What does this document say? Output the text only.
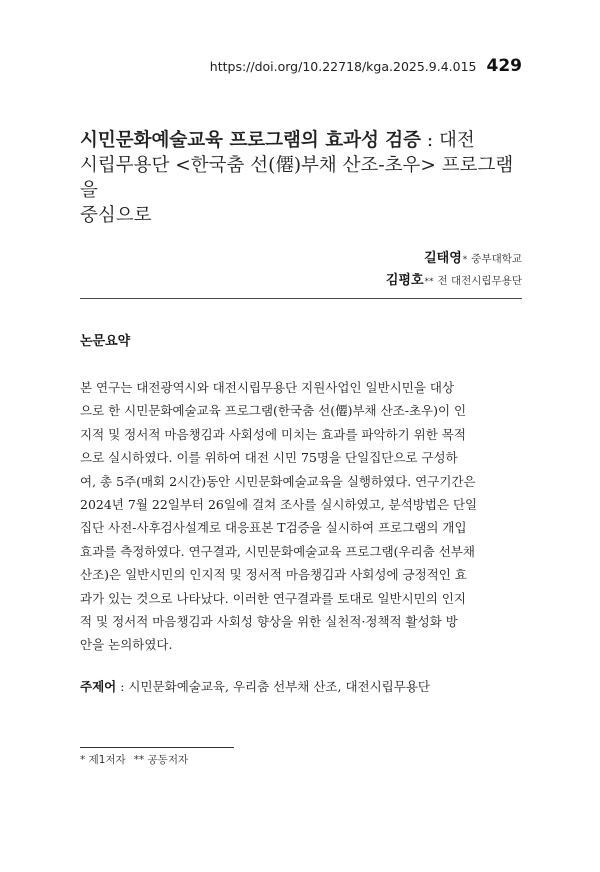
https://doi.org/10.22718/kga.2025.9.4.015 429
시민문화예술교육 프로그램의 효과성 검증 : 대전
시립무용단 <한국춤 선(僊)부채 산조-초우> 프로그램을
중심으로
길태영* 중부대학교
김평호** 전 대전시립무용단
논문요약
본 연구는 대전광역시와 대전시립무용단 지원사업인 일반시민을 대상
으로 한 시민문화예술교육 프로그램(한국춤 선(僊)부채 산조-초우)이 인
지적 및 정서적 마음챙김과 사회성에 미치는 효과를 파악하기 위한 목적
으로 실시하였다. 이를 위하여 대전 시민 75명을 단일집단으로 구성하
여, 총 5주(매회 2시간)동안 시민문화예술교육을 실행하였다. 연구기간은
2024년 7월 22일부터 26일에 걸쳐 조사를 실시하였고, 분석방법은 단일
집단 사전-사후검사설계로 대응표본 T검증을 실시하여 프로그램의 개입
효과를 측정하였다. 연구결과, 시민문화예술교육 프로그램(우리춤 선부채
산조)은 일반시민의 인지적 및 정서적 마음챙김과 사회성에 긍정적인 효
과가 있는 것으로 나타났다. 이러한 연구결과를 토대로 일반시민의 인지
적 및 정서적 마음챙김과 사회성 향상을 위한 실천적·정책적 활성화 방
안을 논의하였다.
주제어 : 시민문화예술교육, 우리춤 선부채 산조, 대전시립무용단
* 제1저자 ** 공동저자
